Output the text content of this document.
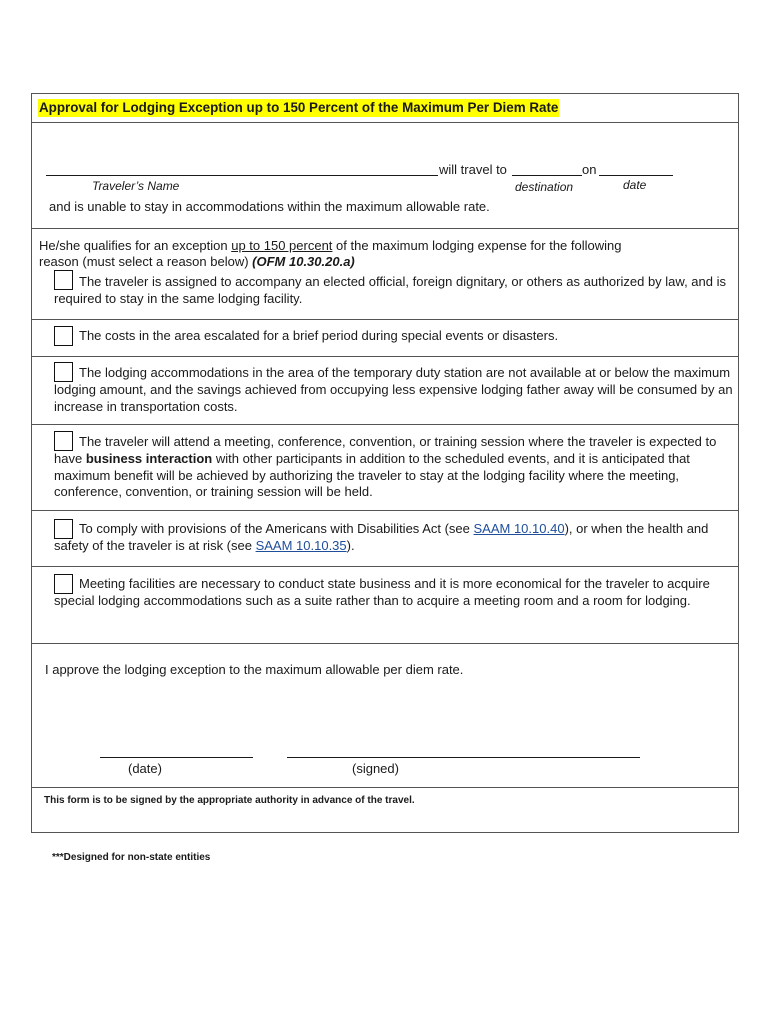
Approval for Lodging Exception up to 150 Percent of the Maximum Per Diem Rate
will travel to	on
Traveler’s Name	destination	date
and is unable to stay in accommodations within the maximum allowable rate.
He/she qualifies for an exception up to 150 percent of the maximum lodging expense for the following
reason (must select a reason below) (OFM 10.30.20.a)
The traveler is assigned to accompany an elected official, foreign dignitary, or others as authorized by law, and is required to stay in the same lodging facility.
The costs in the area escalated for a brief period during special events or disasters.
The lodging accommodations in the area of the temporary duty station are not available at or below the maximum lodging amount, and the savings achieved from occupying less expensive lodging father away will be consumed by an increase in transportation costs.
The traveler will attend a meeting, conference, convention, or training session where the traveler is expected to have business interaction with other participants in addition to the scheduled events, and it is anticipated that maximum benefit will be achieved by authorizing the traveler to stay at the lodging facility where the meeting, conference, convention, or training session will be held.
To comply with provisions of the Americans with Disabilities Act (see SAAM 10.10.40), or when the health and safety of the traveler is at risk (see SAAM 10.10.35).
Meeting facilities are necessary to conduct state business and it is more economical for the traveler to acquire special lodging accommodations such as a suite rather than to acquire a meeting room and a room for lodging.
I approve the lodging exception to the maximum allowable per diem rate.
(date)	(signed)
This form is to be signed by the appropriate authority in advance of the travel.
***Designed for non-state entities
